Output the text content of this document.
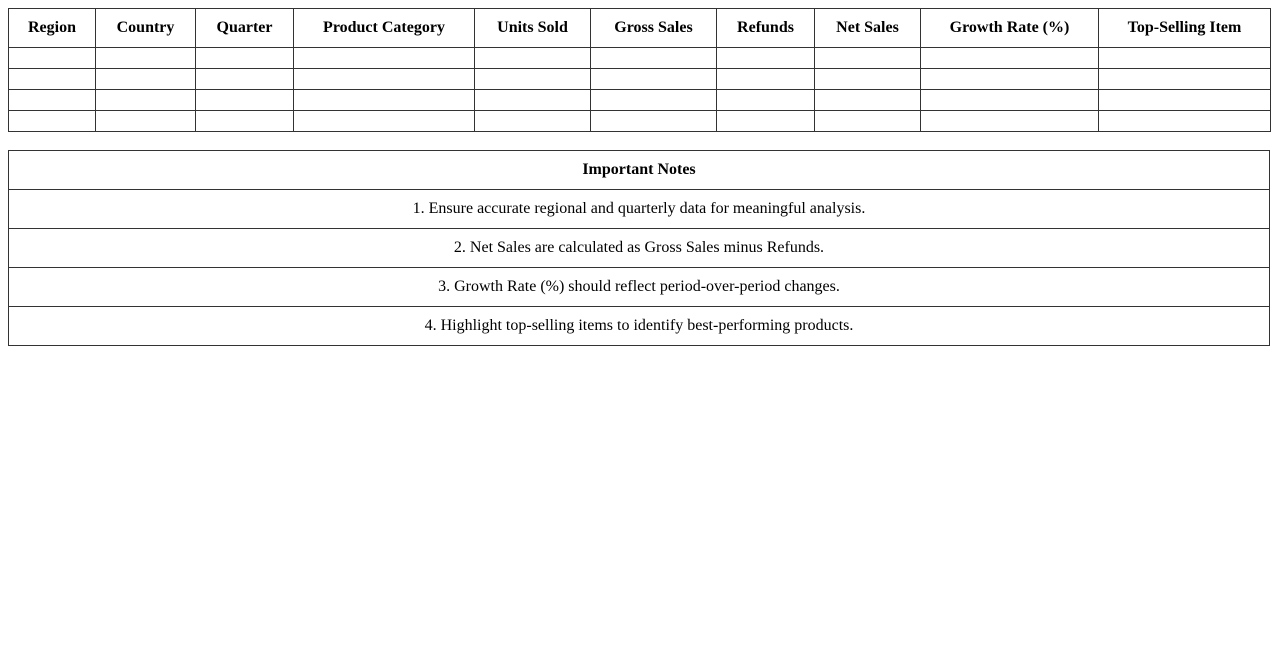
Region	Country	Quarter	Product Category	Units Sold	Gross Sales	Refunds	Net Sales	Growth Rate (%)	Top-Selling Item

Important Notes
1. Ensure accurate regional and quarterly data for meaningful analysis.
2. Net Sales are calculated as Gross Sales minus Refunds.
3. Growth Rate (%) should reflect period-over-period changes.
4. Highlight top-selling items to identify best-performing products.
